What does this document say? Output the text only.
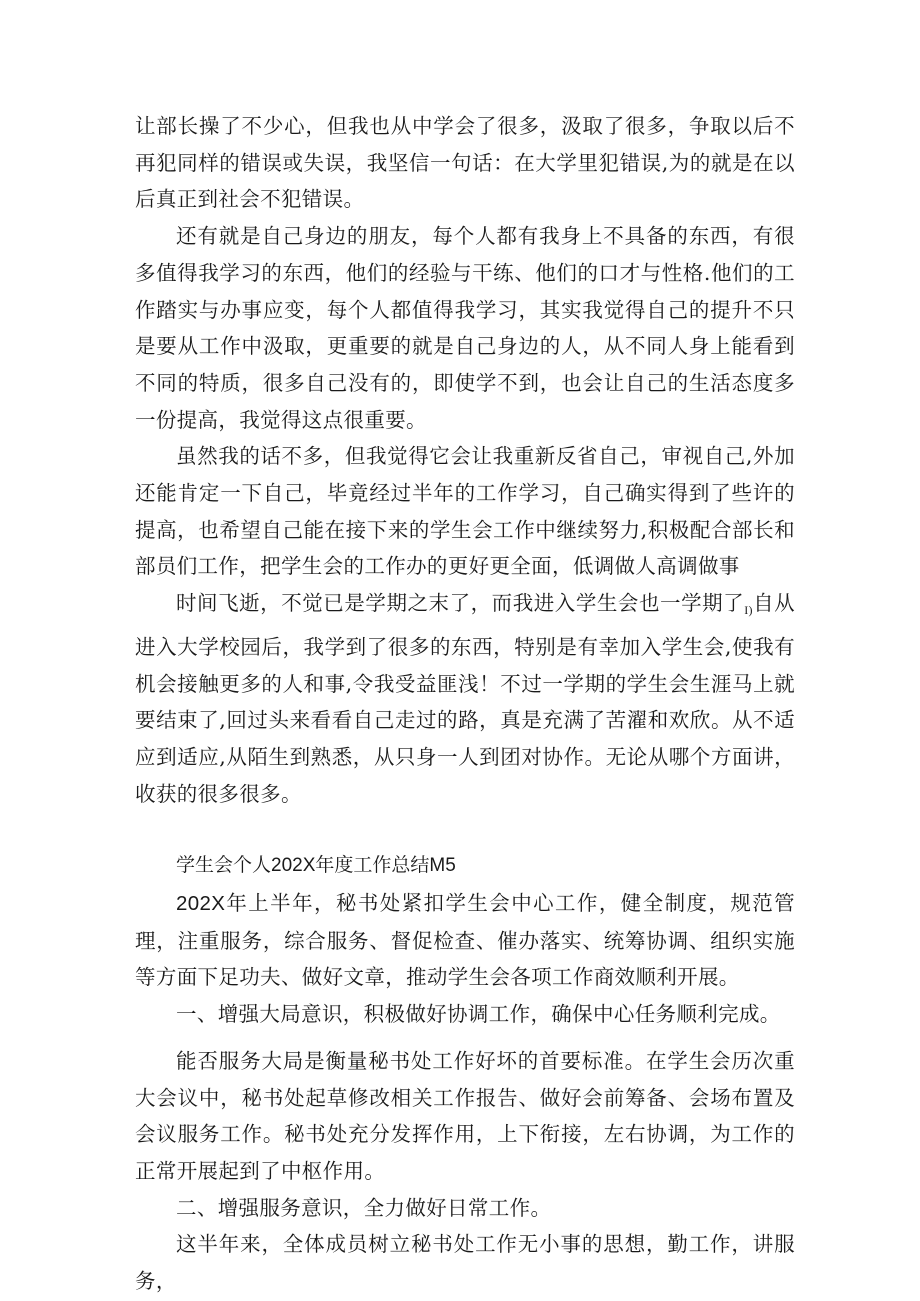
让部长操了不少心，但我也从中学会了很多，汲取了很多，争取以后不再犯同样的错误或失误，我坚信一句话：在大学里犯错误,为的就是在以后真正到社会不犯错误。

还有就是自己身边的朋友，每个人都有我身上不具备的东西，有很多值得我学习的东西，他们的经验与干练、他们的口才与性格.他们的工作踏实与办事应变，每个人都值得我学习，其实我觉得自己的提升不只是要从工作中汲取，更重要的就是自己身边的人，从不同人身上能看到不同的特质，很多自己没有的，即使学不到，也会让自己的生活态度多一份提高，我觉得这点很重要。

虽然我的话不多，但我觉得它会让我重新反省自己，审视自己,外加还能肯定一下自己，毕竟经过半年的工作学习，自己确实得到了些许的提高，也希望自己能在接下来的学生会工作中继续努力,积极配合部长和部员们工作，把学生会的工作办的更好更全面，低调做人高调做事

时间飞逝，不觉已是学期之末了，而我进入学生会也一学期了$_{I)}$自从进入大学校园后，我学到了很多的东西，特别是有幸加入学生会,使我有机会接触更多的人和事,令我受益匪浅！不过一学期的学生会生涯马上就要结束了,回过头来看看自己走过的路，真是充满了苦濯和欢欣。从不适应到适应,从陌生到熟悉，从只身一人到团对协作。无论从哪个方面讲，收获的很多很多。

学生会个人202X年度工作总结M5

202X年上半年，秘书处紧扣学生会中心工作，健全制度，规范管理，注重服务，综合服务、督促检查、催办落实、统筹协调、组织实施等方面下足功夫、做好文章，推动学生会各项工作商效顺利开展。

一、增强大局意识，积极做好协调工作，确保中心任务顺利完成。

能否服务大局是衡量秘书处工作好坏的首要标准。在学生会历次重大会议中，秘书处起草修改相关工作报告、做好会前筹备、会场布置及会议服务工作。秘书处充分发挥作用，上下衔接，左右协调，为工作的正常开展起到了中枢作用。

二、增强服务意识，全力做好日常工作。

这半年来，全体成员树立秘书处工作无小事的思想，勤工作，讲服务，
